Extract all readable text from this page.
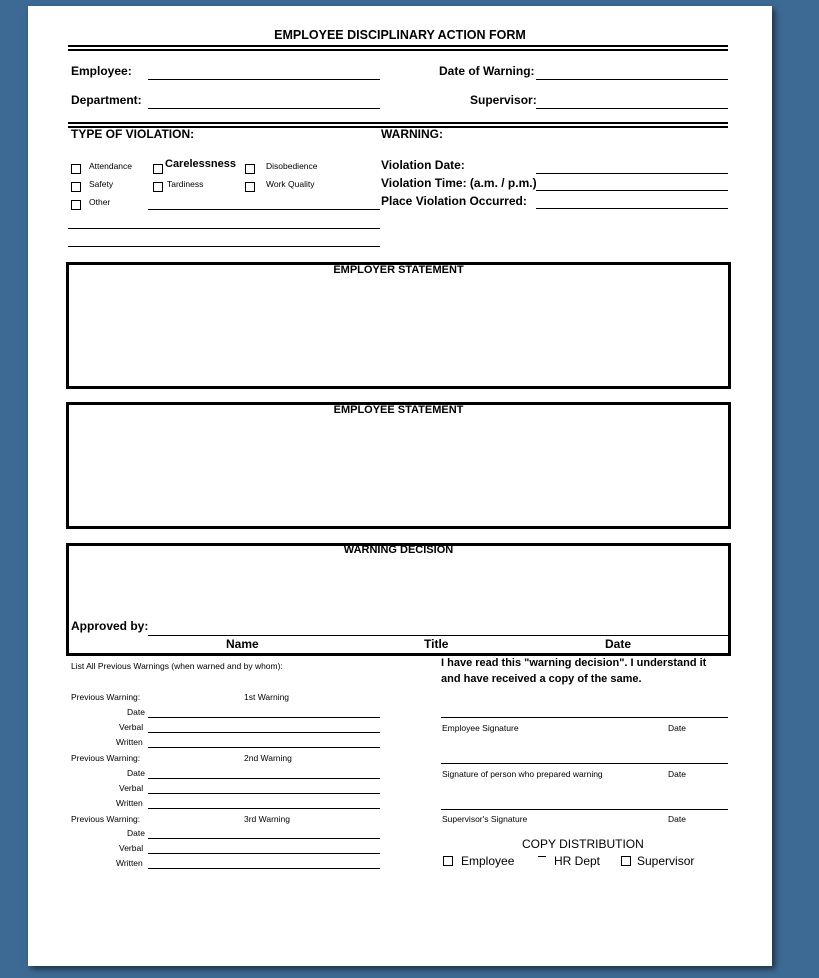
EMPLOYEE DISCIPLINARY ACTION FORM
Employee:	Date of Warning:
Department:	Supervisor:
TYPE OF VIOLATION:
Attendance	Carelessness	Disobedience
Safety	Tardiness	Work Quality
Other
WARNING:
Violation Date:
Violation Time: (a.m. / p.m.)
Place Violation Occurred:
EMPLOYER STATEMENT
EMPLOYEE STATEMENT
WARNING DECISION
Approved by:
Name	Title	Date
List All Previous Warnings (when warned and by whom):
Previous Warning:	1st Warning
Date
Verbal
Written
Previous Warning:	2nd Warning
Date
Verbal
Written
Previous Warning:	3rd Warning
Date
Verbal
Written
I have read this "warning decision". I understand it
and have received a copy of the same.
Employee Signature	Date
Signature of person who prepared warning	Date
Supervisor's Signature	Date
COPY DISTRIBUTION
Employee	HR Dept	Supervisor
